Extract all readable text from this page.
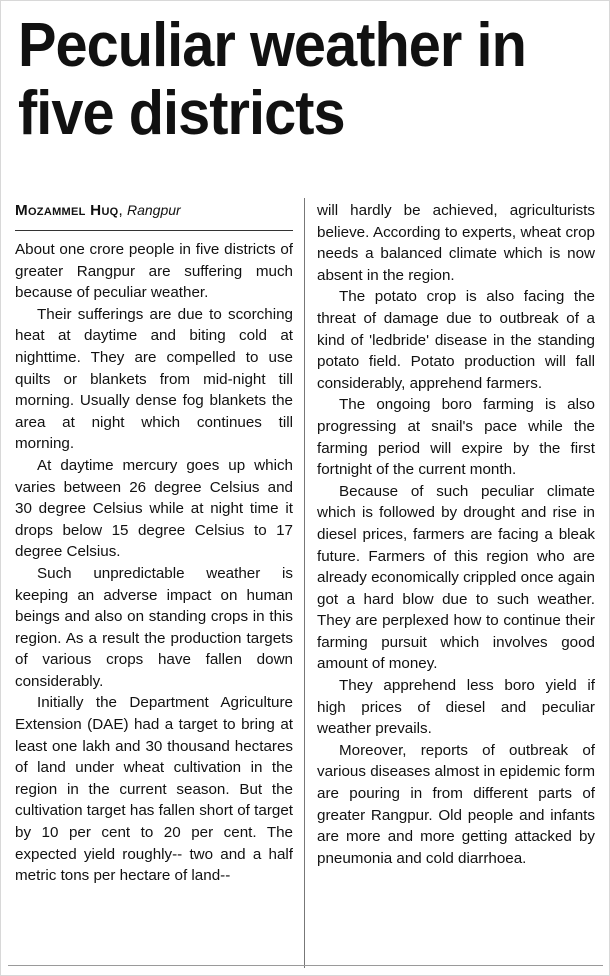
Peculiar weather in five districts
Mozammel Huq, Rangpur

About one crore people in five districts of greater Rangpur are suffering much because of peculiar weather.

Their sufferings are due to scorching heat at daytime and biting cold at nighttime. They are compelled to use quilts or blankets from mid-night till morning. Usually dense fog blankets the area at night which continues till morning.

At daytime mercury goes up which varies between 26 degree Celsius and 30 degree Celsius while at night time it drops below 15 degree Celsius to 17 degree Celsius.

Such unpredictable weather is keeping an adverse impact on human beings and also on standing crops in this region. As a result the production targets of various crops have fallen down considerably.

Initially the Department Agriculture Extension (DAE) had a target to bring at least one lakh and 30 thousand hectares of land under wheat cultivation in the region in the current season. But the cultivation target has fallen short of target by 10 per cent to 20 per cent. The expected yield roughly-- two and a half metric tons per hectare of land--

will hardly be achieved, agriculturists believe. According to experts, wheat crop needs a balanced climate which is now absent in the region.

The potato crop is also facing the threat of damage due to outbreak of a kind of 'ledbride' disease in the standing potato field. Potato production will fall considerably, apprehend farmers.

The ongoing boro farming is also progressing at snail's pace while the farming period will expire by the first fortnight of the current month.

Because of such peculiar climate which is followed by drought and rise in diesel prices, farmers are facing a bleak future. Farmers of this region who are already economically crippled once again got a hard blow due to such weather. They are perplexed how to continue their farming pursuit which involves good amount of money.

They apprehend less boro yield if high prices of diesel and peculiar weather prevails.

Moreover, reports of outbreak of various diseases almost in epidemic form are pouring in from different parts of greater Rangpur. Old people and infants are more and more getting attacked by pneumonia and cold diarrhoea.
